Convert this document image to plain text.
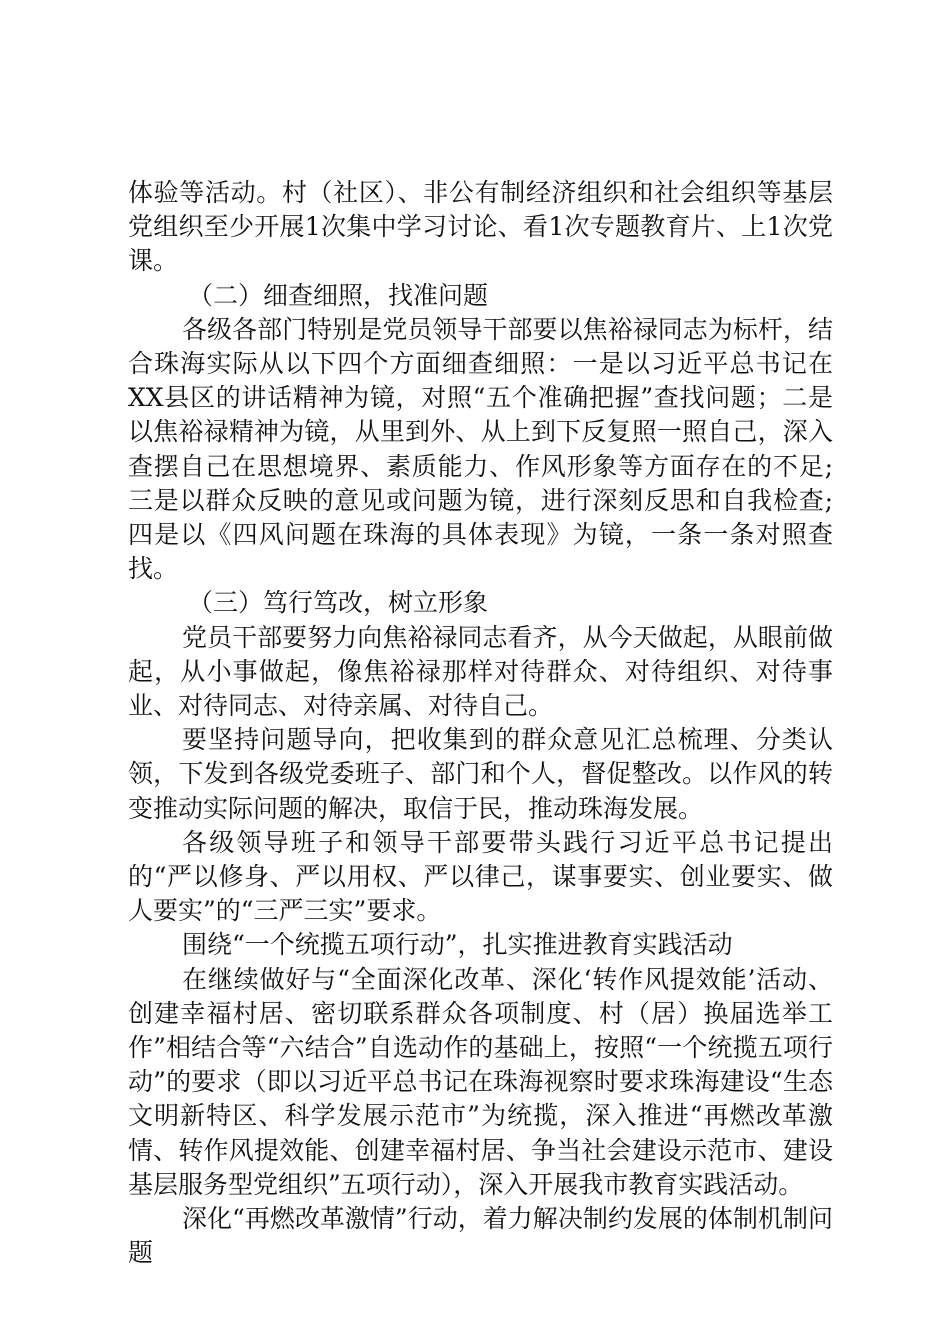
体验等活动。村（社区）、非公有制经济组织和社会组织等基层党组织至少开展1次集中学习讨论、看1次专题教育片、上1次党课。

（二）细查细照，找准问题

各级各部门特别是党员领导干部要以焦裕禄同志为标杆，结合珠海实际从以下四个方面细查细照：一是以习近平总书记在XX县区的讲话精神为镜，对照“五个准确把握”查找问题；二是以焦裕禄精神为镜，从里到外、从上到下反复照一照自己，深入查摆自己在思想境界、素质能力、作风形象等方面存在的不足;三是以群众反映的意见或问题为镜，进行深刻反思和自我检查;四是以《四风问题在珠海的具体表现》为镜，一条一条对照查找。

（三）笃行笃改，树立形象

党员干部要努力向焦裕禄同志看齐，从今天做起，从眼前做起，从小事做起，像焦裕禄那样对待群众、对待组织、对待事业、对待同志、对待亲属、对待自己。

要坚持问题导向，把收集到的群众意见汇总梳理、分类认领，下发到各级党委班子、部门和个人，督促整改。以作风的转变推动实际问题的解决，取信于民，推动珠海发展。

各级领导班子和领导干部要带头践行习近平总书记提出的“严以修身、严以用权、严以律己，谋事要实、创业要实、做人要实”的“三严三实”要求。

围绕“一个统揽五项行动”，扎实推进教育实践活动

在继续做好与“全面深化改革、深化‘转作风提效能’活动、创建幸福村居、密切联系群众各项制度、村（居）换届选举工作”相结合等“六结合”自选动作的基础上，按照“一个统揽五项行动”的要求（即以习近平总书记在珠海视察时要求珠海建设“生态文明新特区、科学发展示范市”为统揽，深入推进“再燃改革激情、转作风提效能、创建幸福村居、争当社会建设示范市、建设基层服务型党组织”五项行动），深入开展我市教育实践活动。

深化“再燃改革激情”行动，着力解决制约发展的体制机制问题
